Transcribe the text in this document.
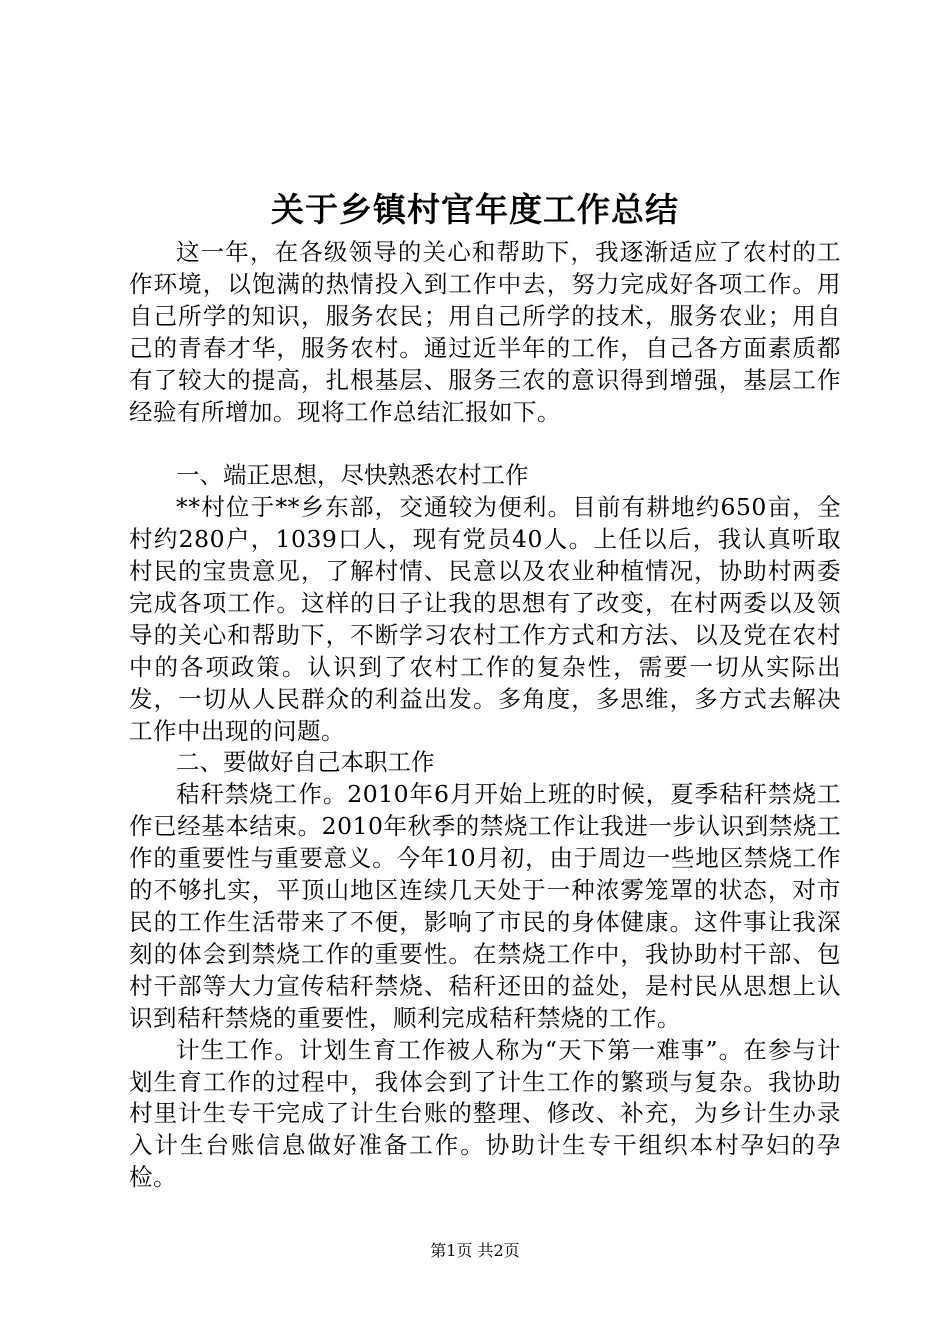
关于乡镇村官年度工作总结

这一年，在各级领导的关心和帮助下，我逐渐适应了农村的工作环境，以饱满的热情投入到工作中去，努力完成好各项工作。用自己所学的知识，服务农民；用自己所学的技术，服务农业；用自己的青春才华，服务农村。通过近半年的工作，自己各方面素质都有了较大的提高，扎根基层、服务三农的意识得到增强，基层工作经验有所增加。现将工作总结汇报如下。

一、端正思想，尽快熟悉农村工作

**村位于**乡东部，交通较为便利。目前有耕地约650亩，全村约280户，1039口人，现有党员40人。上任以后，我认真听取村民的宝贵意见，了解村情、民意以及农业种植情况，协助村两委完成各项工作。这样的日子让我的思想有了改变，在村两委以及领导的关心和帮助下，不断学习农村工作方式和方法、以及党在农村中的各项政策。认识到了农村工作的复杂性，需要一切从实际出发，一切从人民群众的利益出发。多角度，多思维，多方式去解决工作中出现的问题。

二、要做好自己本职工作

秸秆禁烧工作。2010年6月开始上班的时候，夏季秸秆禁烧工作已经基本结束。2010年秋季的禁烧工作让我进一步认识到禁烧工作的重要性与重要意义。今年10月初，由于周边一些地区禁烧工作的不够扎实，平顶山地区连续几天处于一种浓雾笼罩的状态，对市民的工作生活带来了不便，影响了市民的身体健康。这件事让我深刻的体会到禁烧工作的重要性。在禁烧工作中，我协助村干部、包村干部等大力宣传秸秆禁烧、秸秆还田的益处，是村民从思想上认识到秸秆禁烧的重要性，顺利完成秸秆禁烧的工作。

计生工作。计划生育工作被人称为“天下第一难事”。在参与计划生育工作的过程中，我体会到了计生工作的繁琐与复杂。我协助村里计生专干完成了计生台账的整理、修改、补充，为乡计生办录入计生台账信息做好准备工作。协助计生专干组织本村孕妇的孕检。

第1页 共2页
